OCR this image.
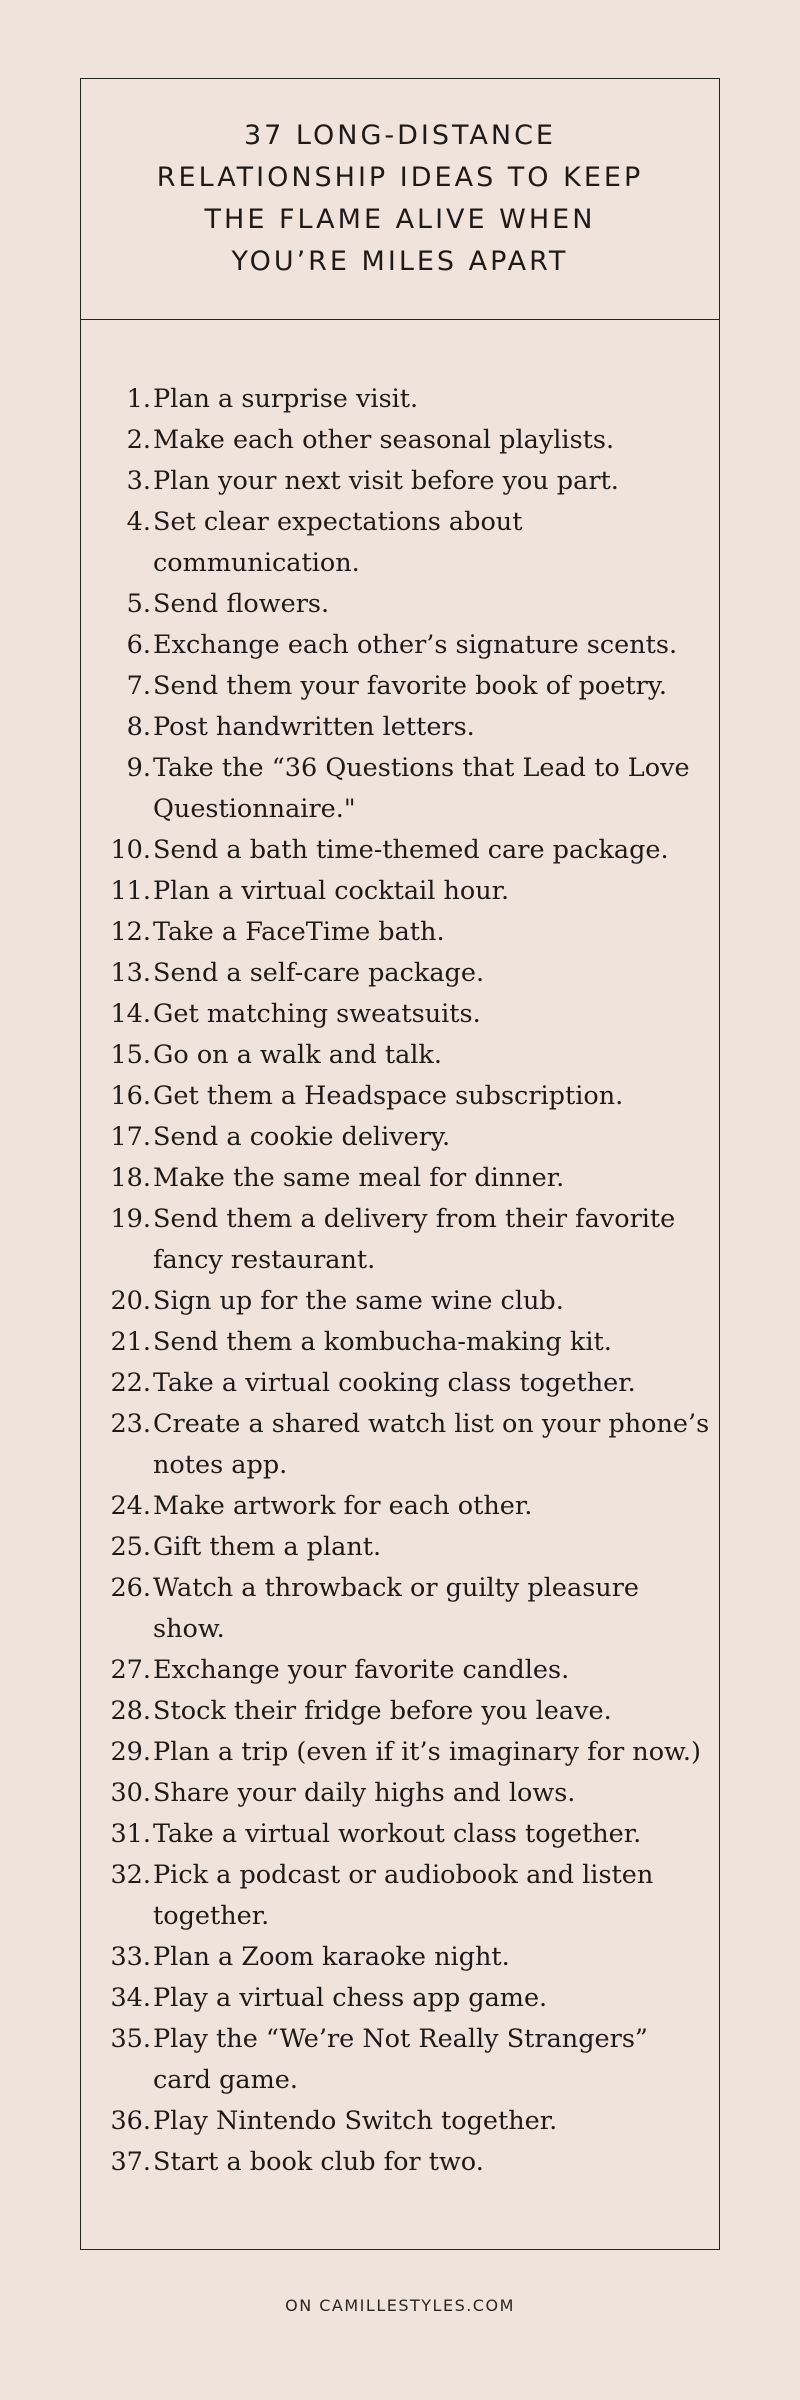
37 LONG-DISTANCE RELATIONSHIP IDEAS TO KEEP THE FLAME ALIVE WHEN YOU’RE MILES APART
1. Plan a surprise visit.
2. Make each other seasonal playlists.
3. Plan your next visit before you part.
4. Set clear expectations about communication.
5. Send flowers.
6. Exchange each other’s signature scents.
7. Send them your favorite book of poetry.
8. Post handwritten letters.
9. Take the “36 Questions that Lead to Love Questionnaire."
10. Send a bath time-themed care package.
11. Plan a virtual cocktail hour.
12. Take a FaceTime bath.
13. Send a self-care package.
14. Get matching sweatsuits.
15. Go on a walk and talk.
16. Get them a Headspace subscription.
17. Send a cookie delivery.
18. Make the same meal for dinner.
19. Send them a delivery from their favorite fancy restaurant.
20. Sign up for the same wine club.
21. Send them a kombucha-making kit.
22. Take a virtual cooking class together.
23. Create a shared watch list on your phone’s notes app.
24. Make artwork for each other.
25. Gift them a plant.
26. Watch a throwback or guilty pleasure show.
27. Exchange your favorite candles.
28. Stock their fridge before you leave.
29. Plan a trip (even if it’s imaginary for now.)
30. Share your daily highs and lows.
31. Take a virtual workout class together.
32. Pick a podcast or audiobook and listen together.
33. Plan a Zoom karaoke night.
34. Play a virtual chess app game.
35. Play the “We’re Not Really Strangers” card game.
36. Play Nintendo Switch together.
37. Start a book club for two.

ON CAMILLESTYLES.COM
